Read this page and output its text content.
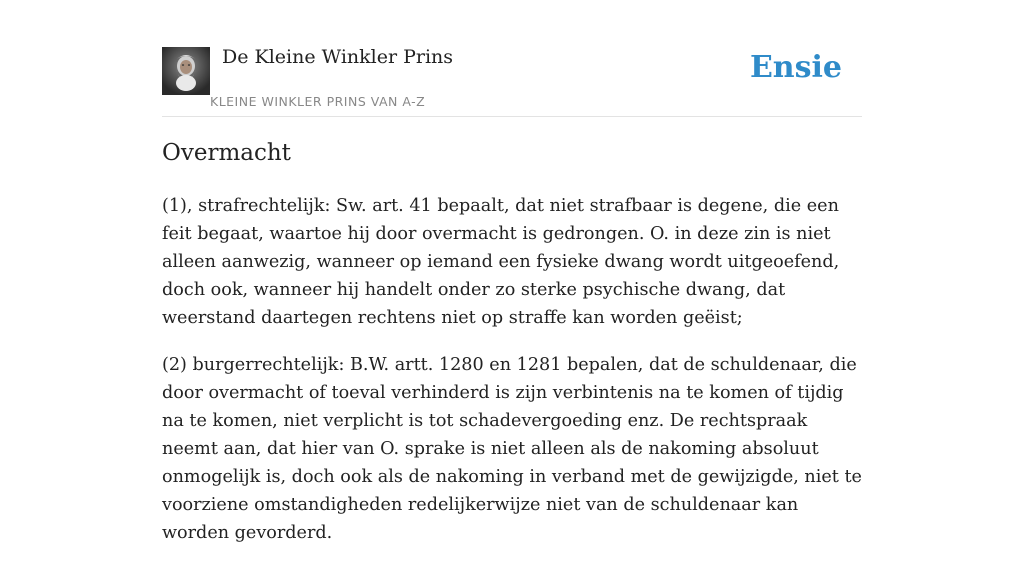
De Kleine Winkler Prins
KLEINE WINKLER PRINS VAN A-Z
Ensie
Overmacht

(1), strafrechtelijk: Sw. art. 41 bepaalt, dat niet strafbaar is degene, die een feit begaat, waartoe hij door overmacht is gedrongen. O. in deze zin is niet alleen aanwezig, wanneer op iemand een fysieke dwang wordt uitgeoefend, doch ook, wanneer hij handelt onder zo sterke psychische dwang, dat weerstand daartegen rechtens niet op straffe kan worden geëist;

(2) burgerrechtelijk: B.W. artt. 1280 en 1281 bepalen, dat de schuldenaar, die door overmacht of toeval verhinderd is zijn verbintenis na te komen of tijdig na te komen, niet verplicht is tot schadevergoeding enz. De rechtspraak neemt aan, dat hier van O. sprake is niet alleen als de nakoming absoluut onmogelijk is, doch ook als de nakoming in verband met de gewijzigde, niet te voorziene omstandigheden redelijkerwijze niet van de schuldenaar kan worden gevorderd.
